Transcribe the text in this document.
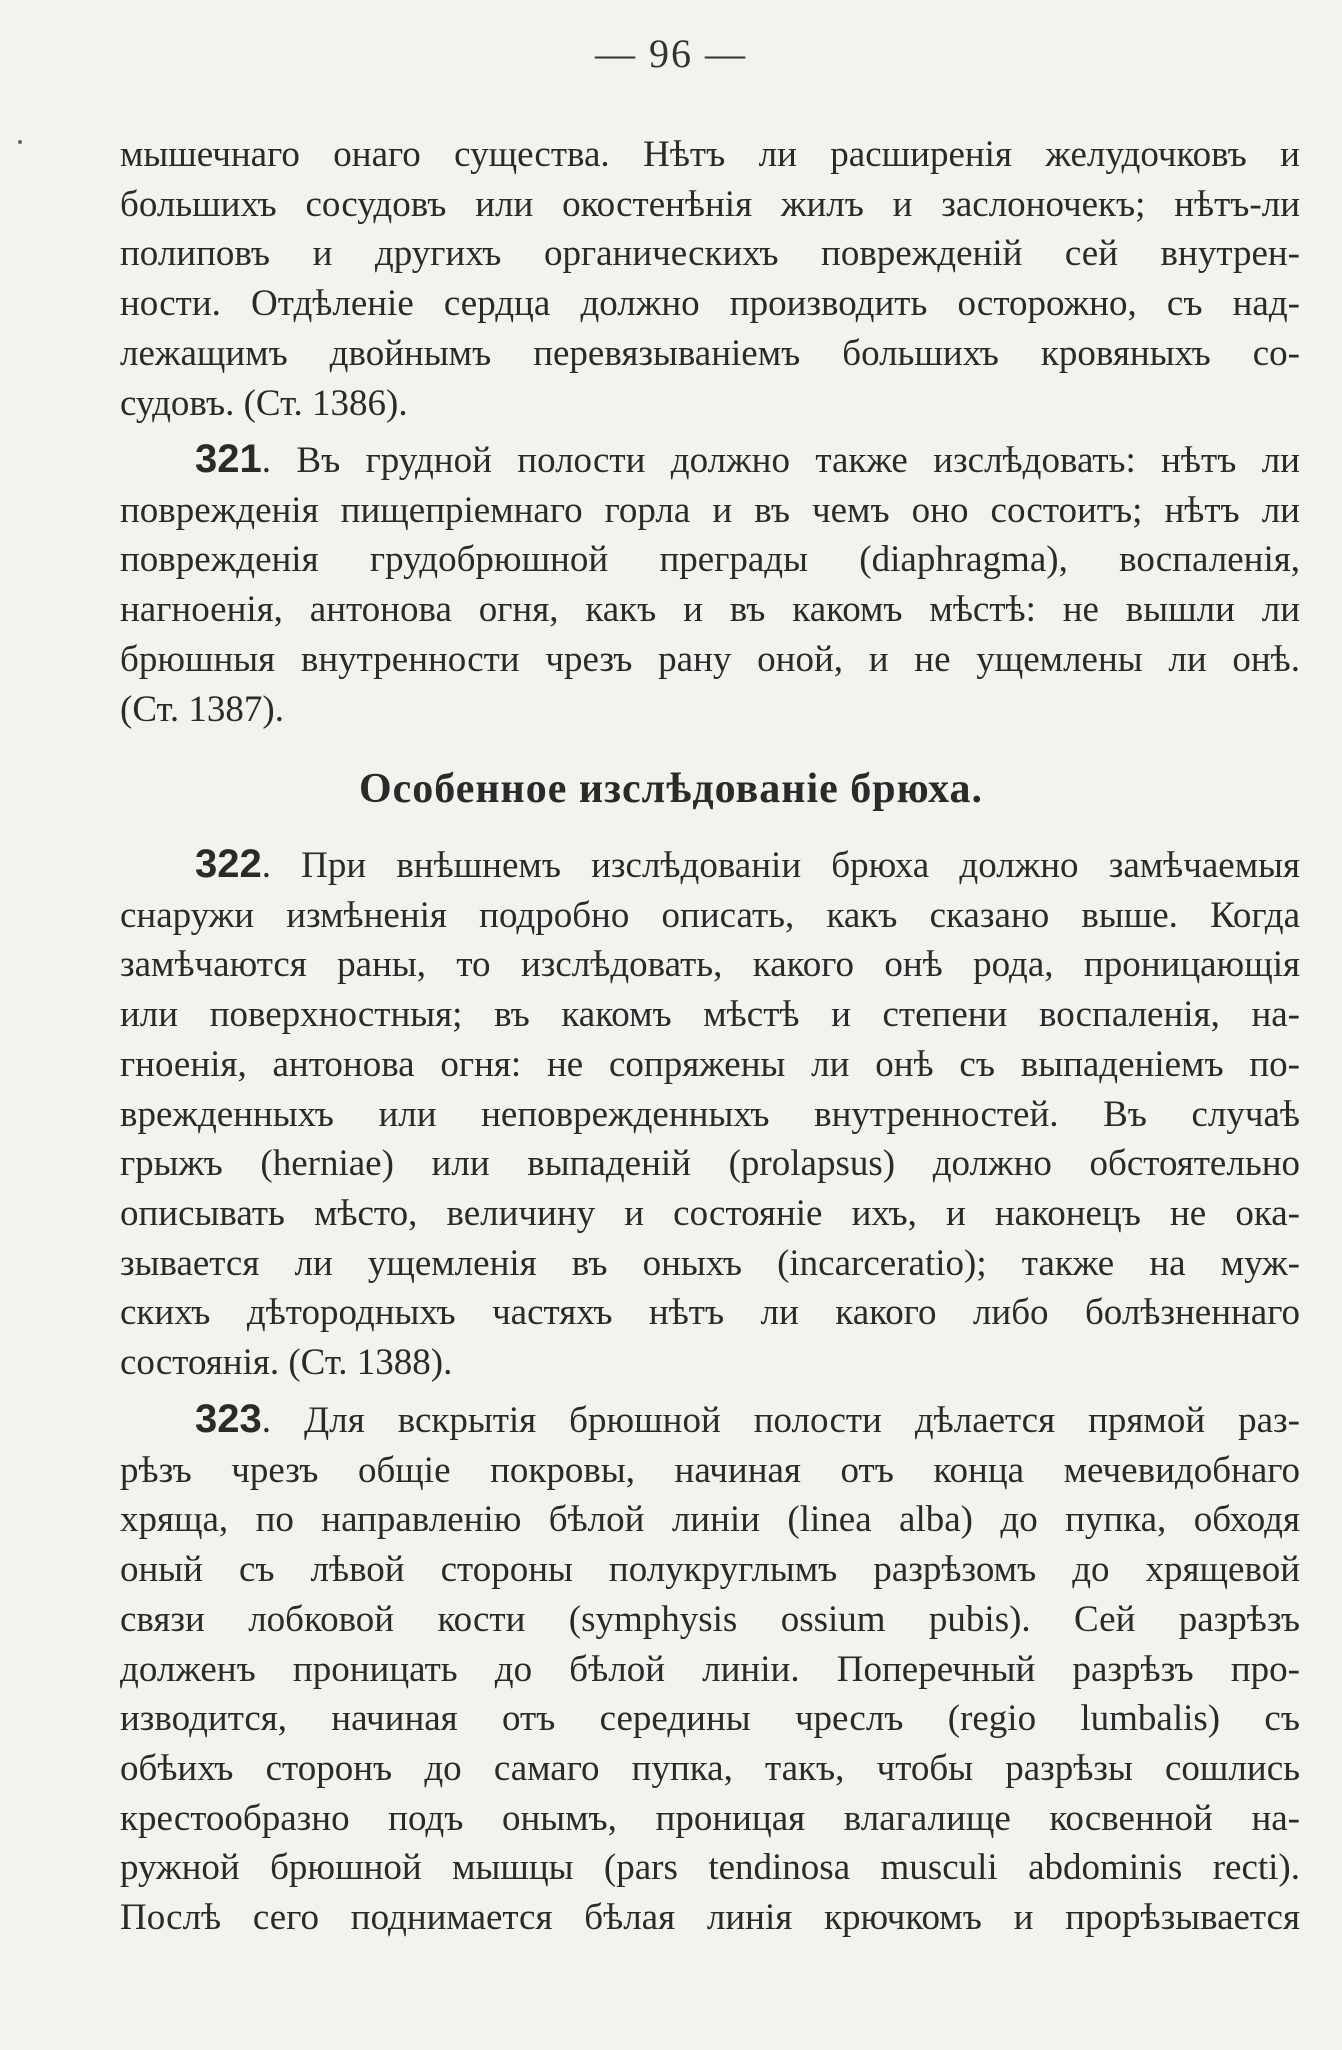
— 96 —
мышечнаго онаго существа. Нѣтъ ли расширенія желудочковъ и
большихъ сосудовъ или окостенѣнія жилъ и заслоночекъ; нѣтъ-ли
полиповъ и другихъ органическихъ поврежденій сей внутрен-
ности. Отдѣленіе сердца должно производить осторожно, съ над-
лежащимъ двойнымъ перевязываніемъ большихъ кровяныхъ со-
судовъ. (Ст. 1386).
321. Въ грудной полости должно также изслѣдовать: нѣтъ ли
поврежденія пищепріемнаго горла и въ чемъ оно состоитъ; нѣтъ ли
поврежденія грудобрюшной преграды (diaphragma), воспаленія,
нагноенія, антонова огня, какъ и въ какомъ мѣстѣ: не вышли ли
брюшныя внутренности чрезъ рану оной, и не ущемлены ли онѣ.
(Ст. 1387).
Особенное изслѣдованіе брюха.
322. При внѣшнемъ изслѣдованіи брюха должно замѣчаемыя
снаружи измѣненія подробно описать, какъ сказано выше. Когда
замѣчаются раны, то изслѣдовать, какого онѣ рода, проницающія
или поверхностныя; въ какомъ мѣстѣ и степени воспаленія, на-
гноенія, антонова огня: не сопряжены ли онѣ съ выпаденіемъ по-
врежденныхъ или неповрежденныхъ внутренностей. Въ случаѣ
грыжъ (herniae) или выпаденій (prolapsus) должно обстоятельно
описывать мѣсто, величину и состояніе ихъ, и наконецъ не ока-
зывается ли ущемленія въ оныхъ (incarceratio); также на муж-
скихъ дѣтородныхъ частяхъ нѣтъ ли какого либо болѣзненнаго
состоянія. (Ст. 1388).
323. Для вскрытія брюшной полости дѣлается прямой раз-
рѣзъ чрезъ общіе покровы, начиная отъ конца мечевидобнаго
хряща, по направленію бѣлой линіи (linea alba) до пупка, обходя
оный съ лѣвой стороны полукруглымъ разрѣзомъ до хрящевой
связи лобковой кости (symphysis ossium pubis). Сей разрѣзъ
долженъ проницать до бѣлой линіи. Поперечный разрѣзъ про-
изводится, начиная отъ середины чреслъ (regio lumbalis) съ
обѣихъ сторонъ до самаго пупка, такъ, чтобы разрѣзы сошлись
крестообразно подъ онымъ, проницая влагалище косвенной на-
ружной брюшной мышцы (pars tendinosa musculi abdominis recti).
Послѣ сего поднимается бѣлая линія крючкомъ и прорѣзывается
